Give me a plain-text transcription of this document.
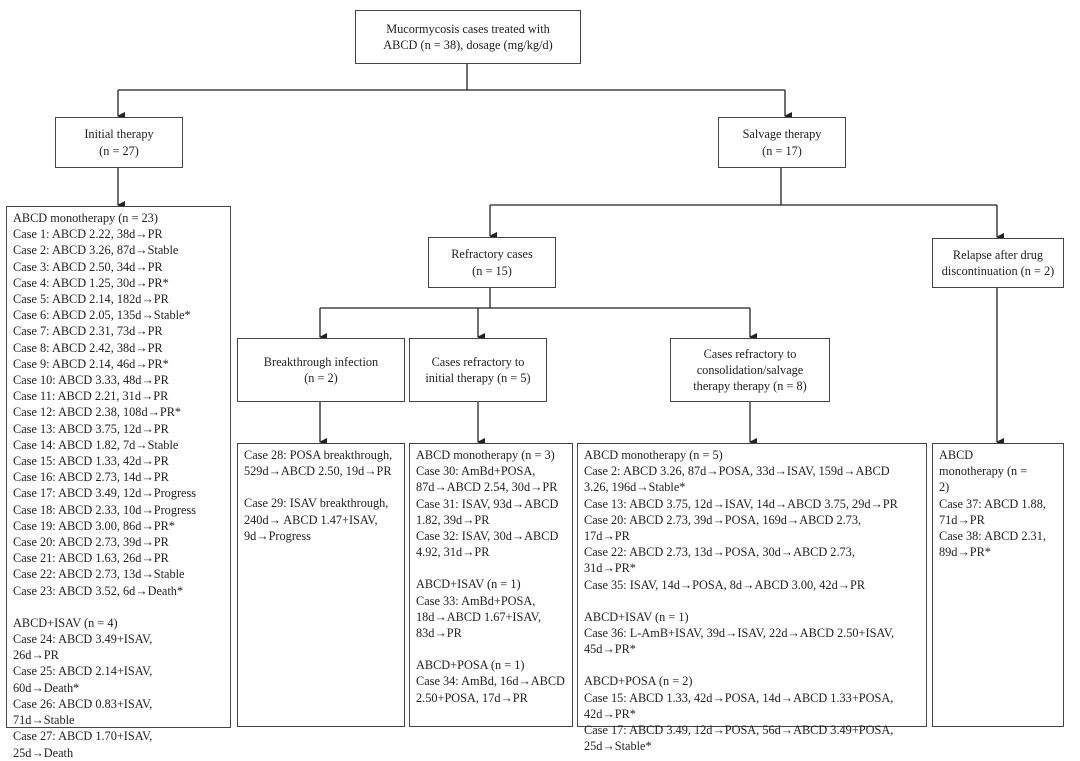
Mucormycosis cases treated with
ABCD (n = 38), dosage (mg/kg/d)
Initial therapy
(n = 27)
Salvage therapy
(n = 17)
Refractory cases
(n = 15)
Relapse after drug
discontinuation (n = 2)
Breakthrough infection
(n = 2)
Cases refractory to
initial therapy (n = 5)
Cases refractory to
consolidation/salvage
therapy therapy (n = 8)
ABCD monotherapy (n = 23)
Case 1: ABCD 2.22, 38d→PR
Case 2: ABCD 3.26, 87d→Stable
Case 3: ABCD 2.50, 34d→PR
Case 4: ABCD 1.25, 30d→PR*
Case 5: ABCD 2.14, 182d→PR
Case 6: ABCD 2.05, 135d→Stable*
Case 7: ABCD 2.31, 73d→PR
Case 8: ABCD 2.42, 38d→PR
Case 9: ABCD 2.14, 46d→PR*
Case 10: ABCD 3.33, 48d→PR
Case 11: ABCD 2.21, 31d→PR
Case 12: ABCD 2.38, 108d→PR*
Case 13: ABCD 3.75, 12d→PR
Case 14: ABCD 1.82, 7d→Stable
Case 15: ABCD 1.33, 42d→PR
Case 16: ABCD 2.73, 14d→PR
Case 17: ABCD 3.49, 12d→Progress
Case 18: ABCD 2.33, 10d→Progress
Case 19: ABCD 3.00, 86d→PR*
Case 20: ABCD 2.73, 39d→PR
Case 21: ABCD 1.63, 26d→PR
Case 22: ABCD 2.73, 13d→Stable
Case 23: ABCD 3.52, 6d→Death*
ABCD+ISAV (n = 4)
Case 24: ABCD 3.49+ISAV, 26d→PR
Case 25: ABCD 2.14+ISAV, 60d→Death*
Case 26: ABCD 0.83+ISAV, 71d→Stable
Case 27: ABCD 1.70+ISAV, 25d→Death
Case 28: POSA breakthrough, 529d→ABCD 2.50, 19d→PR
Case 29: ISAV breakthrough, 240d→ ABCD 1.47+ISAV, 9d→Progress
ABCD monotherapy (n = 3)
Case 30: AmBd+POSA, 87d→ABCD 2.54, 30d→PR
Case 31: ISAV, 93d→ABCD 1.82, 39d→PR
Case 32: ISAV, 30d→ABCD 4.92, 31d→PR
ABCD+ISAV (n = 1)
Case 33: AmBd+POSA, 18d→ABCD 1.67+ISAV, 83d→PR
ABCD+POSA (n = 1)
Case 34: AmBd, 16d→ABCD 2.50+POSA, 17d→PR
ABCD monotherapy (n = 5)
Case 2: ABCD 3.26, 87d→POSA, 33d→ISAV, 159d→ABCD 3.26, 196d→Stable*
Case 13: ABCD 3.75, 12d→ISAV, 14d→ABCD 3.75, 29d→PR
Case 20: ABCD 2.73, 39d→POSA, 169d→ABCD 2.73, 17d→PR
Case 22: ABCD 2.73, 13d→POSA, 30d→ABCD 2.73, 31d→PR*
Case 35: ISAV, 14d→POSA, 8d→ABCD 3.00, 42d→PR
ABCD+ISAV (n = 1)
Case 36: L-AmB+ISAV, 39d→ISAV, 22d→ABCD 2.50+ISAV, 45d→PR*
ABCD+POSA (n = 2)
Case 15: ABCD 1.33, 42d→POSA, 14d→ABCD 1.33+POSA, 42d→PR*
Case 17: ABCD 3.49, 12d→POSA, 56d→ABCD 3.49+POSA, 25d→Stable*
ABCD monotherapy (n = 2)
Case 37: ABCD 1.88, 71d→PR
Case 38: ABCD 2.31, 89d→PR*
